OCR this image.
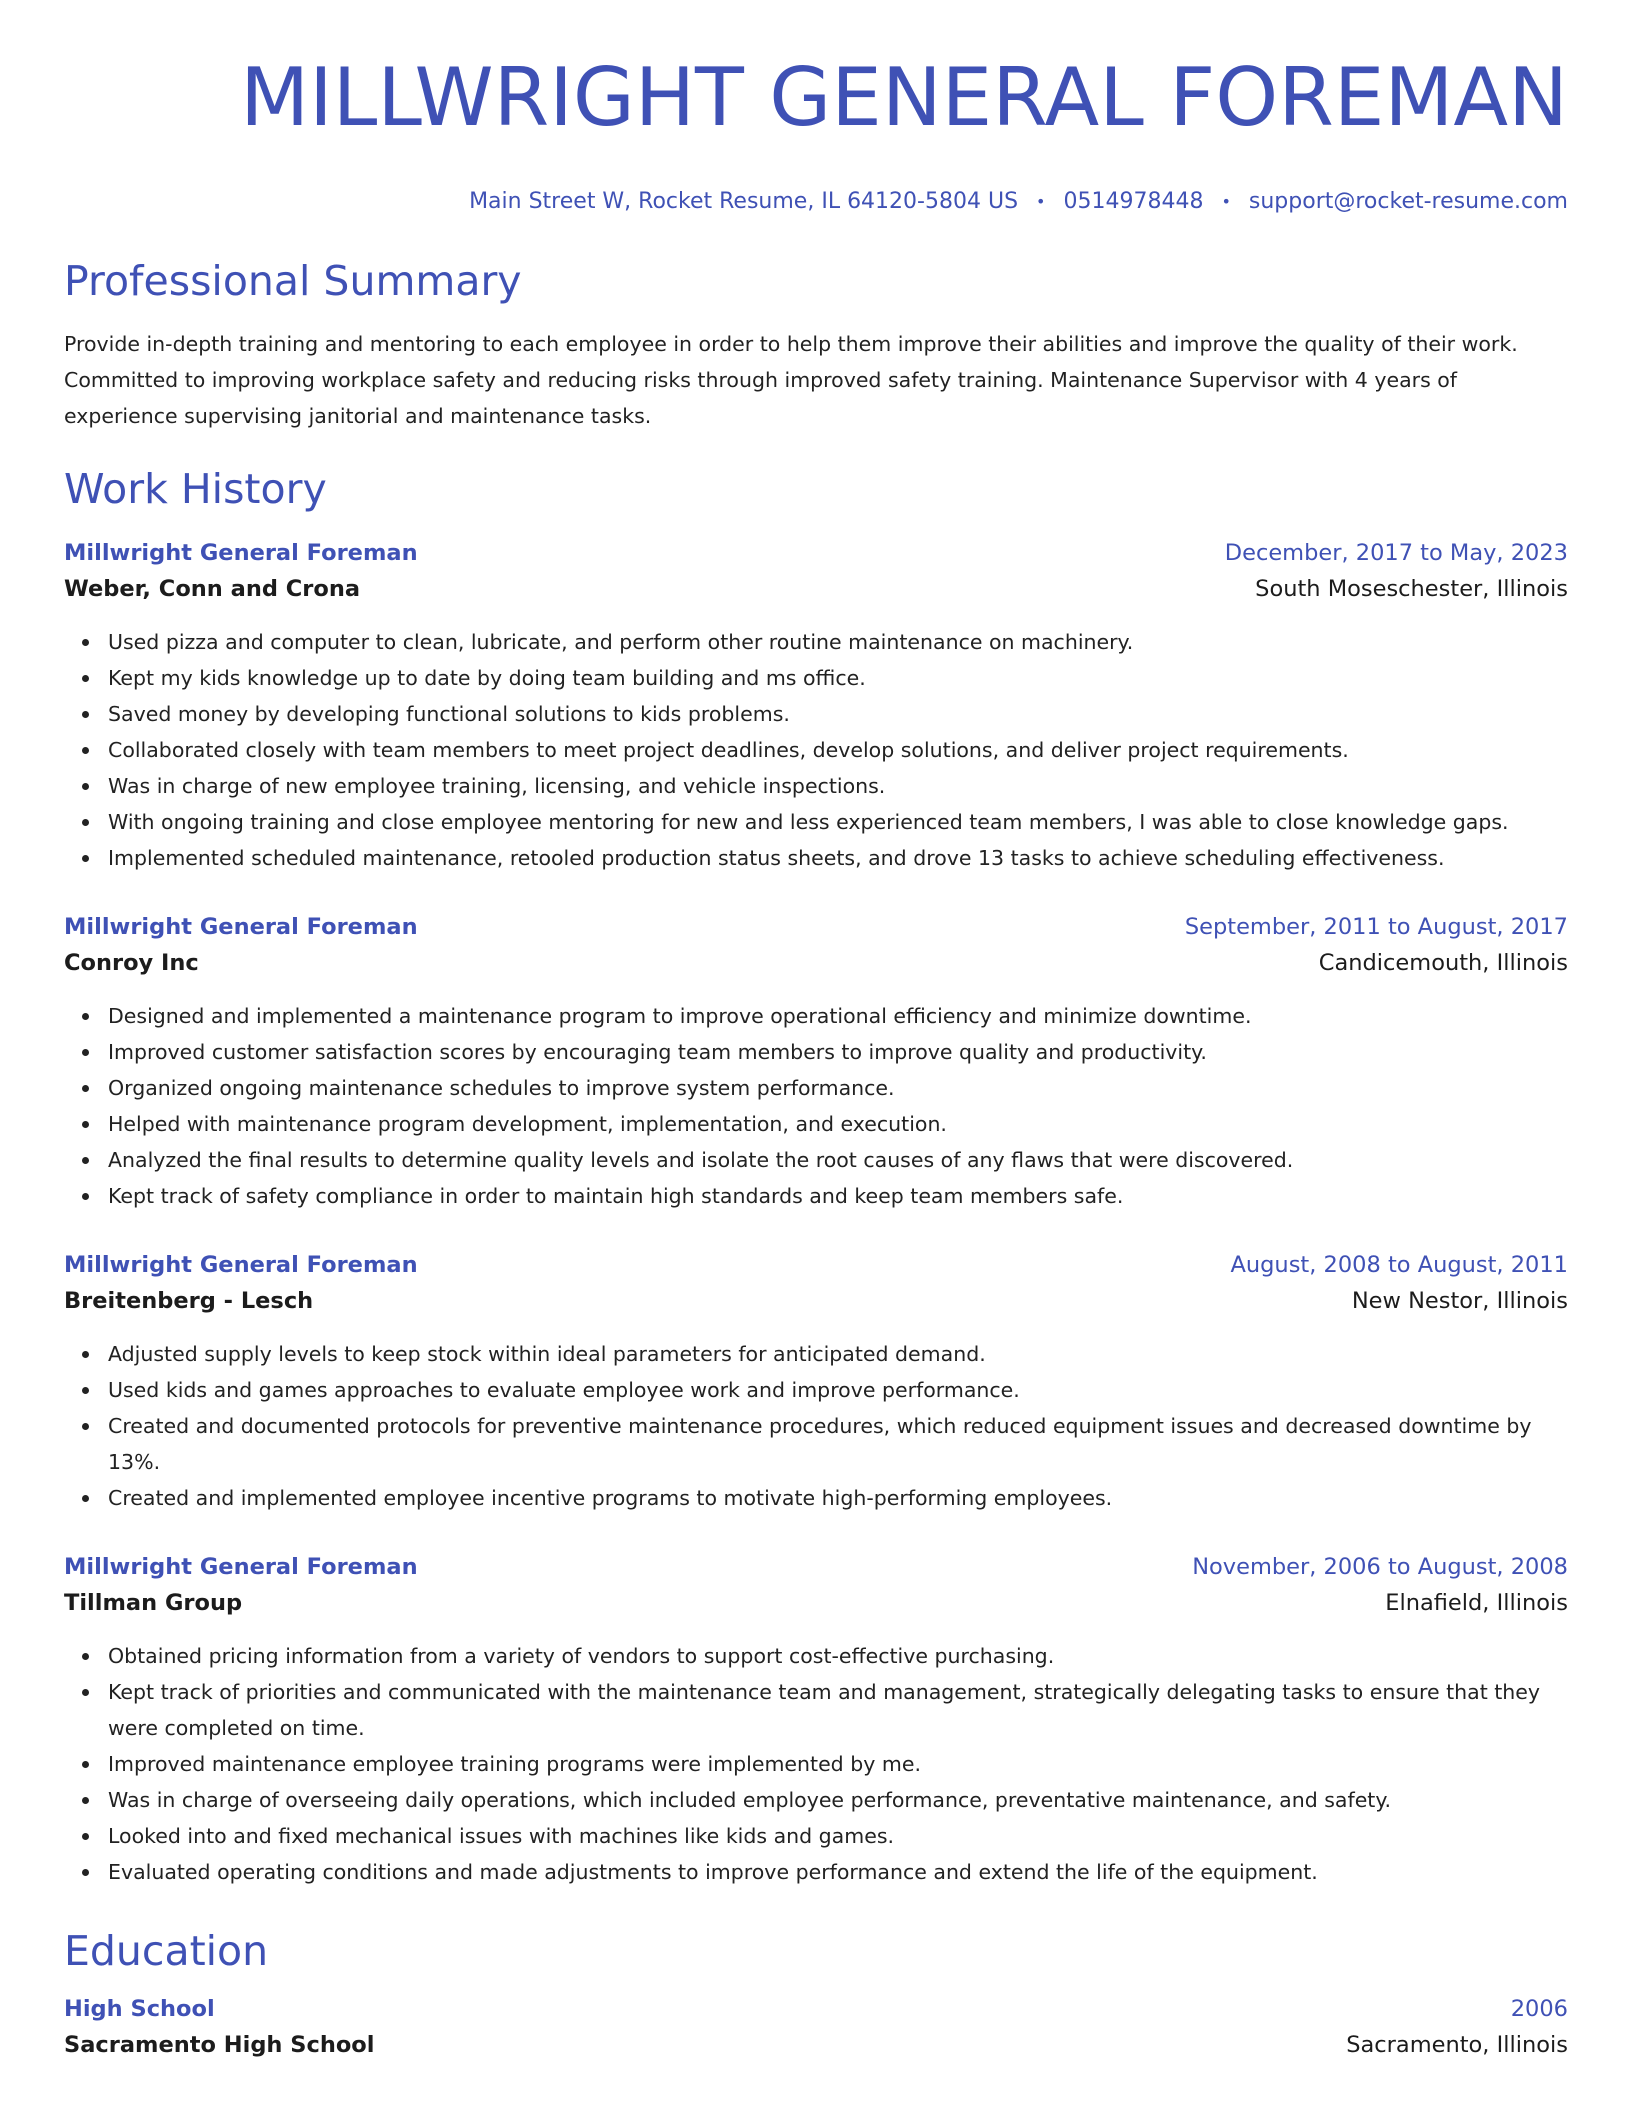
MILLWRIGHT GENERAL FOREMAN
Main Street W, Rocket Resume, IL 64120-5804 US • 0514978448 • support@rocket-resume.com
Professional Summary
Provide in-depth training and mentoring to each employee in order to help them improve their abilities and improve the quality of their work. Committed to improving workplace safety and reducing risks through improved safety training. Maintenance Supervisor with 4 years of experience supervising janitorial and maintenance tasks.
Work History
Millwright General Foreman	December, 2017 to May, 2023
Weber, Conn and Crona	South Moseschester, Illinois
Used pizza and computer to clean, lubricate, and perform other routine maintenance on machinery.
Kept my kids knowledge up to date by doing team building and ms office.
Saved money by developing functional solutions to kids problems.
Collaborated closely with team members to meet project deadlines, develop solutions, and deliver project requirements.
Was in charge of new employee training, licensing, and vehicle inspections.
With ongoing training and close employee mentoring for new and less experienced team members, I was able to close knowledge gaps.
Implemented scheduled maintenance, retooled production status sheets, and drove 13 tasks to achieve scheduling effectiveness.
Millwright General Foreman	September, 2011 to August, 2017
Conroy Inc	Candicemouth, Illinois
Designed and implemented a maintenance program to improve operational efficiency and minimize downtime.
Improved customer satisfaction scores by encouraging team members to improve quality and productivity.
Organized ongoing maintenance schedules to improve system performance.
Helped with maintenance program development, implementation, and execution.
Analyzed the final results to determine quality levels and isolate the root causes of any flaws that were discovered.
Kept track of safety compliance in order to maintain high standards and keep team members safe.
Millwright General Foreman	August, 2008 to August, 2011
Breitenberg - Lesch	New Nestor, Illinois
Adjusted supply levels to keep stock within ideal parameters for anticipated demand.
Used kids and games approaches to evaluate employee work and improve performance.
Created and documented protocols for preventive maintenance procedures, which reduced equipment issues and decreased downtime by 13%.
Created and implemented employee incentive programs to motivate high-performing employees.
Millwright General Foreman	November, 2006 to August, 2008
Tillman Group	Elnafield, Illinois
Obtained pricing information from a variety of vendors to support cost-effective purchasing.
Kept track of priorities and communicated with the maintenance team and management, strategically delegating tasks to ensure that they were completed on time.
Improved maintenance employee training programs were implemented by me.
Was in charge of overseeing daily operations, which included employee performance, preventative maintenance, and safety.
Looked into and fixed mechanical issues with machines like kids and games.
Evaluated operating conditions and made adjustments to improve performance and extend the life of the equipment.
Education
High School	2006
Sacramento High School	Sacramento, Illinois
